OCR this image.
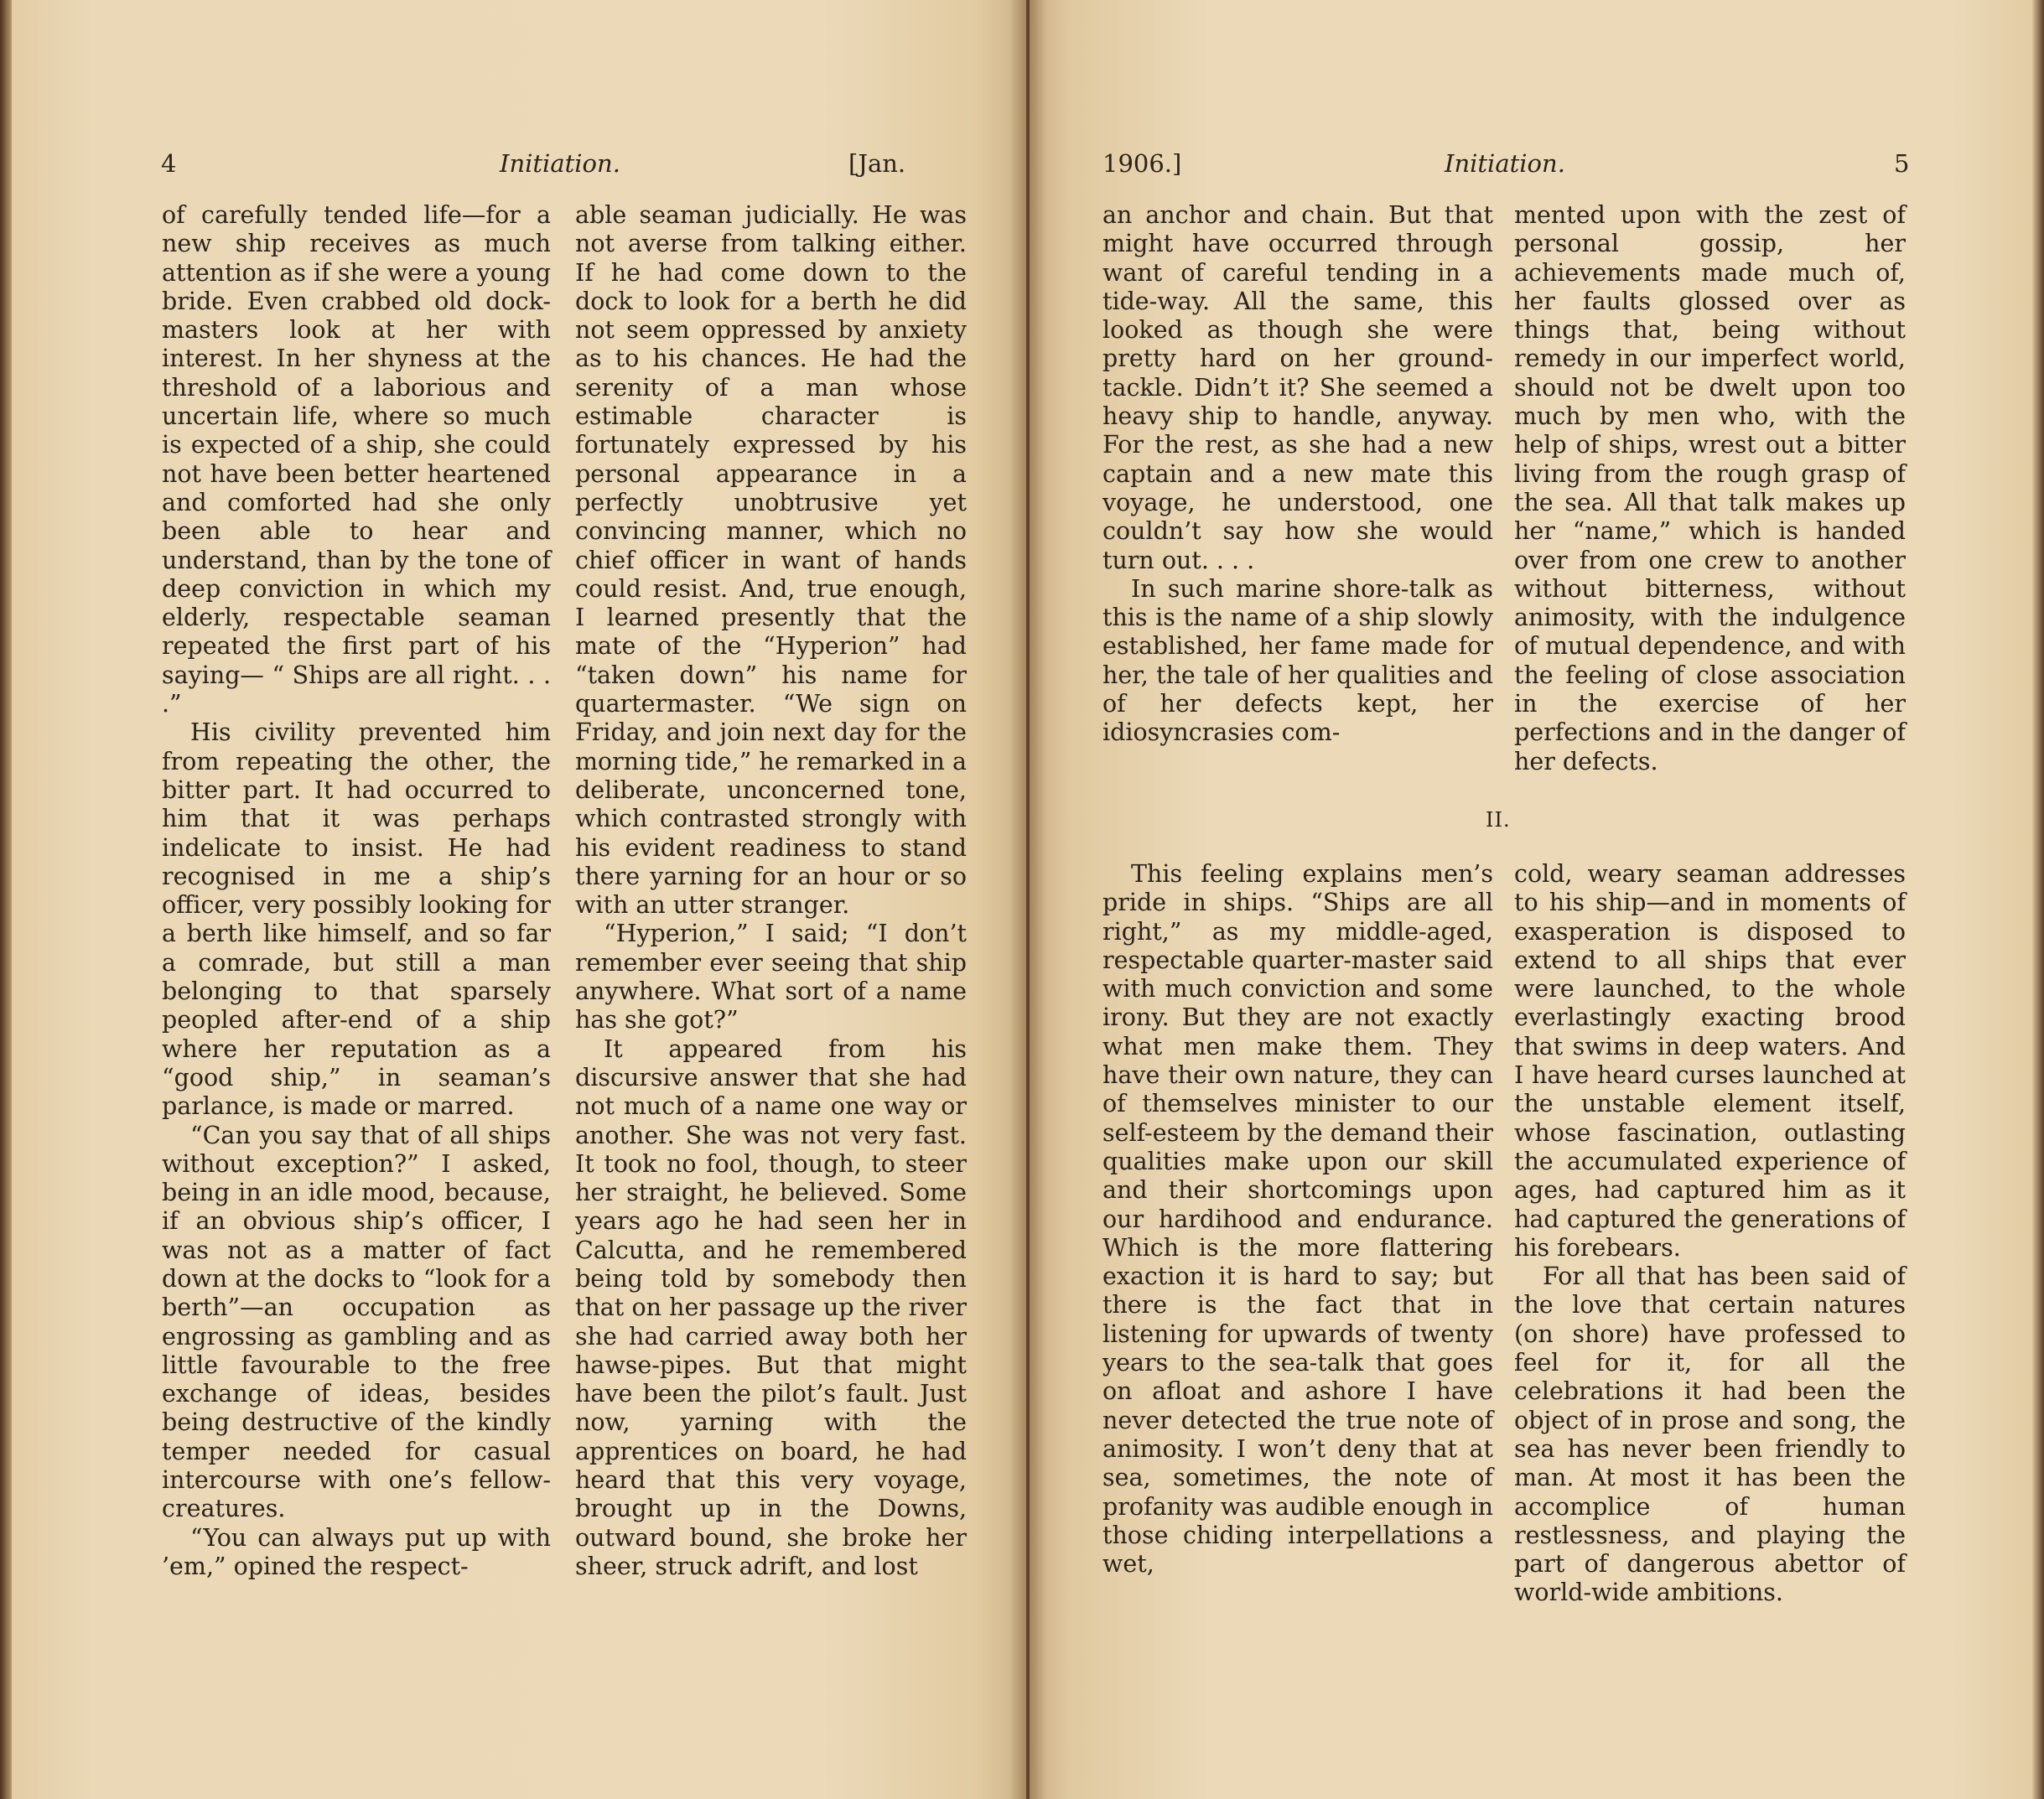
4	Initiation.	[Jan.

of carefully tended life—for a new ship receives as much attention as if she were a young bride. Even crabbed old dock-masters look at her with interest. In her shyness at the threshold of a laborious and uncertain life, where so much is expected of a ship, she could not have been better heartened and comforted had she only been able to hear and understand, than by the tone of deep conviction in which my elderly, respectable seaman repeated the first part of his saying— “ Ships are all right. . . .”

His civility prevented him from repeating the other, the bitter part. It had occurred to him that it was perhaps indelicate to insist. He had recognised in me a ship’s officer, very possibly looking for a berth like himself, and so far a comrade, but still a man belonging to that sparsely peopled after-end of a ship where her reputation as a “good ship,” in seaman’s parlance, is made or marred.

“Can you say that of all ships without exception?” I asked, being in an idle mood, because, if an obvious ship’s officer, I was not as a matter of fact down at the docks to “look for a berth”—an occupation as engrossing as gambling and as little favourable to the free exchange of ideas, besides being destructive of the kindly temper needed for casual intercourse with one’s fellow-creatures.

“You can always put up with ’em,” opined the respect-

able seaman judicially. He was not averse from talking either. If he had come down to the dock to look for a berth he did not seem oppressed by anxiety as to his chances. He had the serenity of a man whose estimable character is fortunately expressed by his personal appearance in a perfectly unobtrusive yet convincing manner, which no chief officer in want of hands could resist. And, true enough, I learned presently that the mate of the “Hyperion” had “taken down” his name for quartermaster. “We sign on Friday, and join next day for the morning tide,” he remarked in a deliberate, unconcerned tone, which contrasted strongly with his evident readiness to stand there yarning for an hour or so with an utter stranger.

“Hyperion,” I said; “I don’t remember ever seeing that ship anywhere. What sort of a name has she got?”

It appeared from his discursive answer that she had not much of a name one way or another. She was not very fast. It took no fool, though, to steer her straight, he believed. Some years ago he had seen her in Calcutta, and he remembered being told by somebody then that on her passage up the river she had carried away both her hawse-pipes. But that might have been the pilot’s fault. Just now, yarning with the apprentices on board, he had heard that this very voyage, brought up in the Downs, outward bound, she broke her sheer, struck adrift, and lost

1906.]	Initiation.	5

an anchor and chain. But that might have occurred through want of careful tending in a tide-way. All the same, this looked as though she were pretty hard on her ground-tackle. Didn’t it? She seemed a heavy ship to handle, anyway. For the rest, as she had a new captain and a new mate this voyage, he understood, one couldn’t say how she would turn out. . . .

In such marine shore-talk as this is the name of a ship slowly established, her fame made for her, the tale of her qualities and of her defects kept, her idiosyncrasies com-

mented upon with the zest of personal gossip, her achievements made much of, her faults glossed over as things that, being without remedy in our imperfect world, should not be dwelt upon too much by men who, with the help of ships, wrest out a bitter living from the rough grasp of the sea. All that talk makes up her “name,” which is handed over from one crew to another without bitterness, without animosity, with the indulgence of mutual dependence, and with the feeling of close association in the exercise of her perfections and in the danger of her defects.

II.

This feeling explains men’s pride in ships. “Ships are all right,” as my middle-aged, respectable quarter-master said with much conviction and some irony. But they are not exactly what men make them. They have their own nature, they can of themselves minister to our self-esteem by the demand their qualities make upon our skill and their shortcomings upon our hardihood and endurance. Which is the more flattering exaction it is hard to say; but there is the fact that in listening for upwards of twenty years to the sea-talk that goes on afloat and ashore I have never detected the true note of animosity. I won’t deny that at sea, sometimes, the note of profanity was audible enough in those chiding interpellations a wet,

cold, weary seaman addresses to his ship—and in moments of exasperation is disposed to extend to all ships that ever were launched, to the whole everlastingly exacting brood that swims in deep waters. And I have heard curses launched at the unstable element itself, whose fascination, outlasting the accumulated experience of ages, had captured him as it had captured the generations of his forebears.

For all that has been said of the love that certain natures (on shore) have professed to feel for it, for all the celebrations it had been the object of in prose and song, the sea has never been friendly to man. At most it has been the accomplice of human restlessness, and playing the part of dangerous abettor of world-wide ambitions.
